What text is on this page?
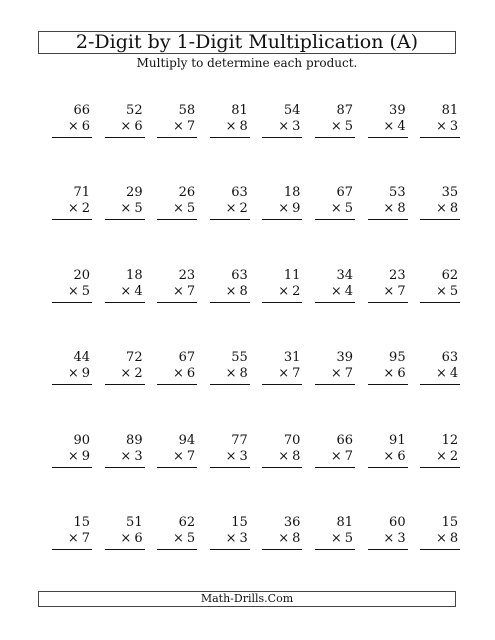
2-Digit by 1-Digit Multiplication (A)
Multiply to determine each product.
66
× 6
52
× 6
58
× 7
81
× 8
54
× 3
87
× 5
39
× 4
81
× 3
71
× 2
29
× 5
26
× 5
63
× 2
18
× 9
67
× 5
53
× 8
35
× 8
20
× 5
18
× 4
23
× 7
63
× 8
11
× 2
34
× 4
23
× 7
62
× 5
44
× 9
72
× 2
67
× 6
55
× 8
31
× 7
39
× 7
95
× 6
63
× 4
90
× 9
89
× 3
94
× 7
77
× 3
70
× 8
66
× 7
91
× 6
12
× 2
15
× 7
51
× 6
62
× 5
15
× 3
36
× 8
81
× 5
60
× 3
15
× 8
Math-Drills.Com
